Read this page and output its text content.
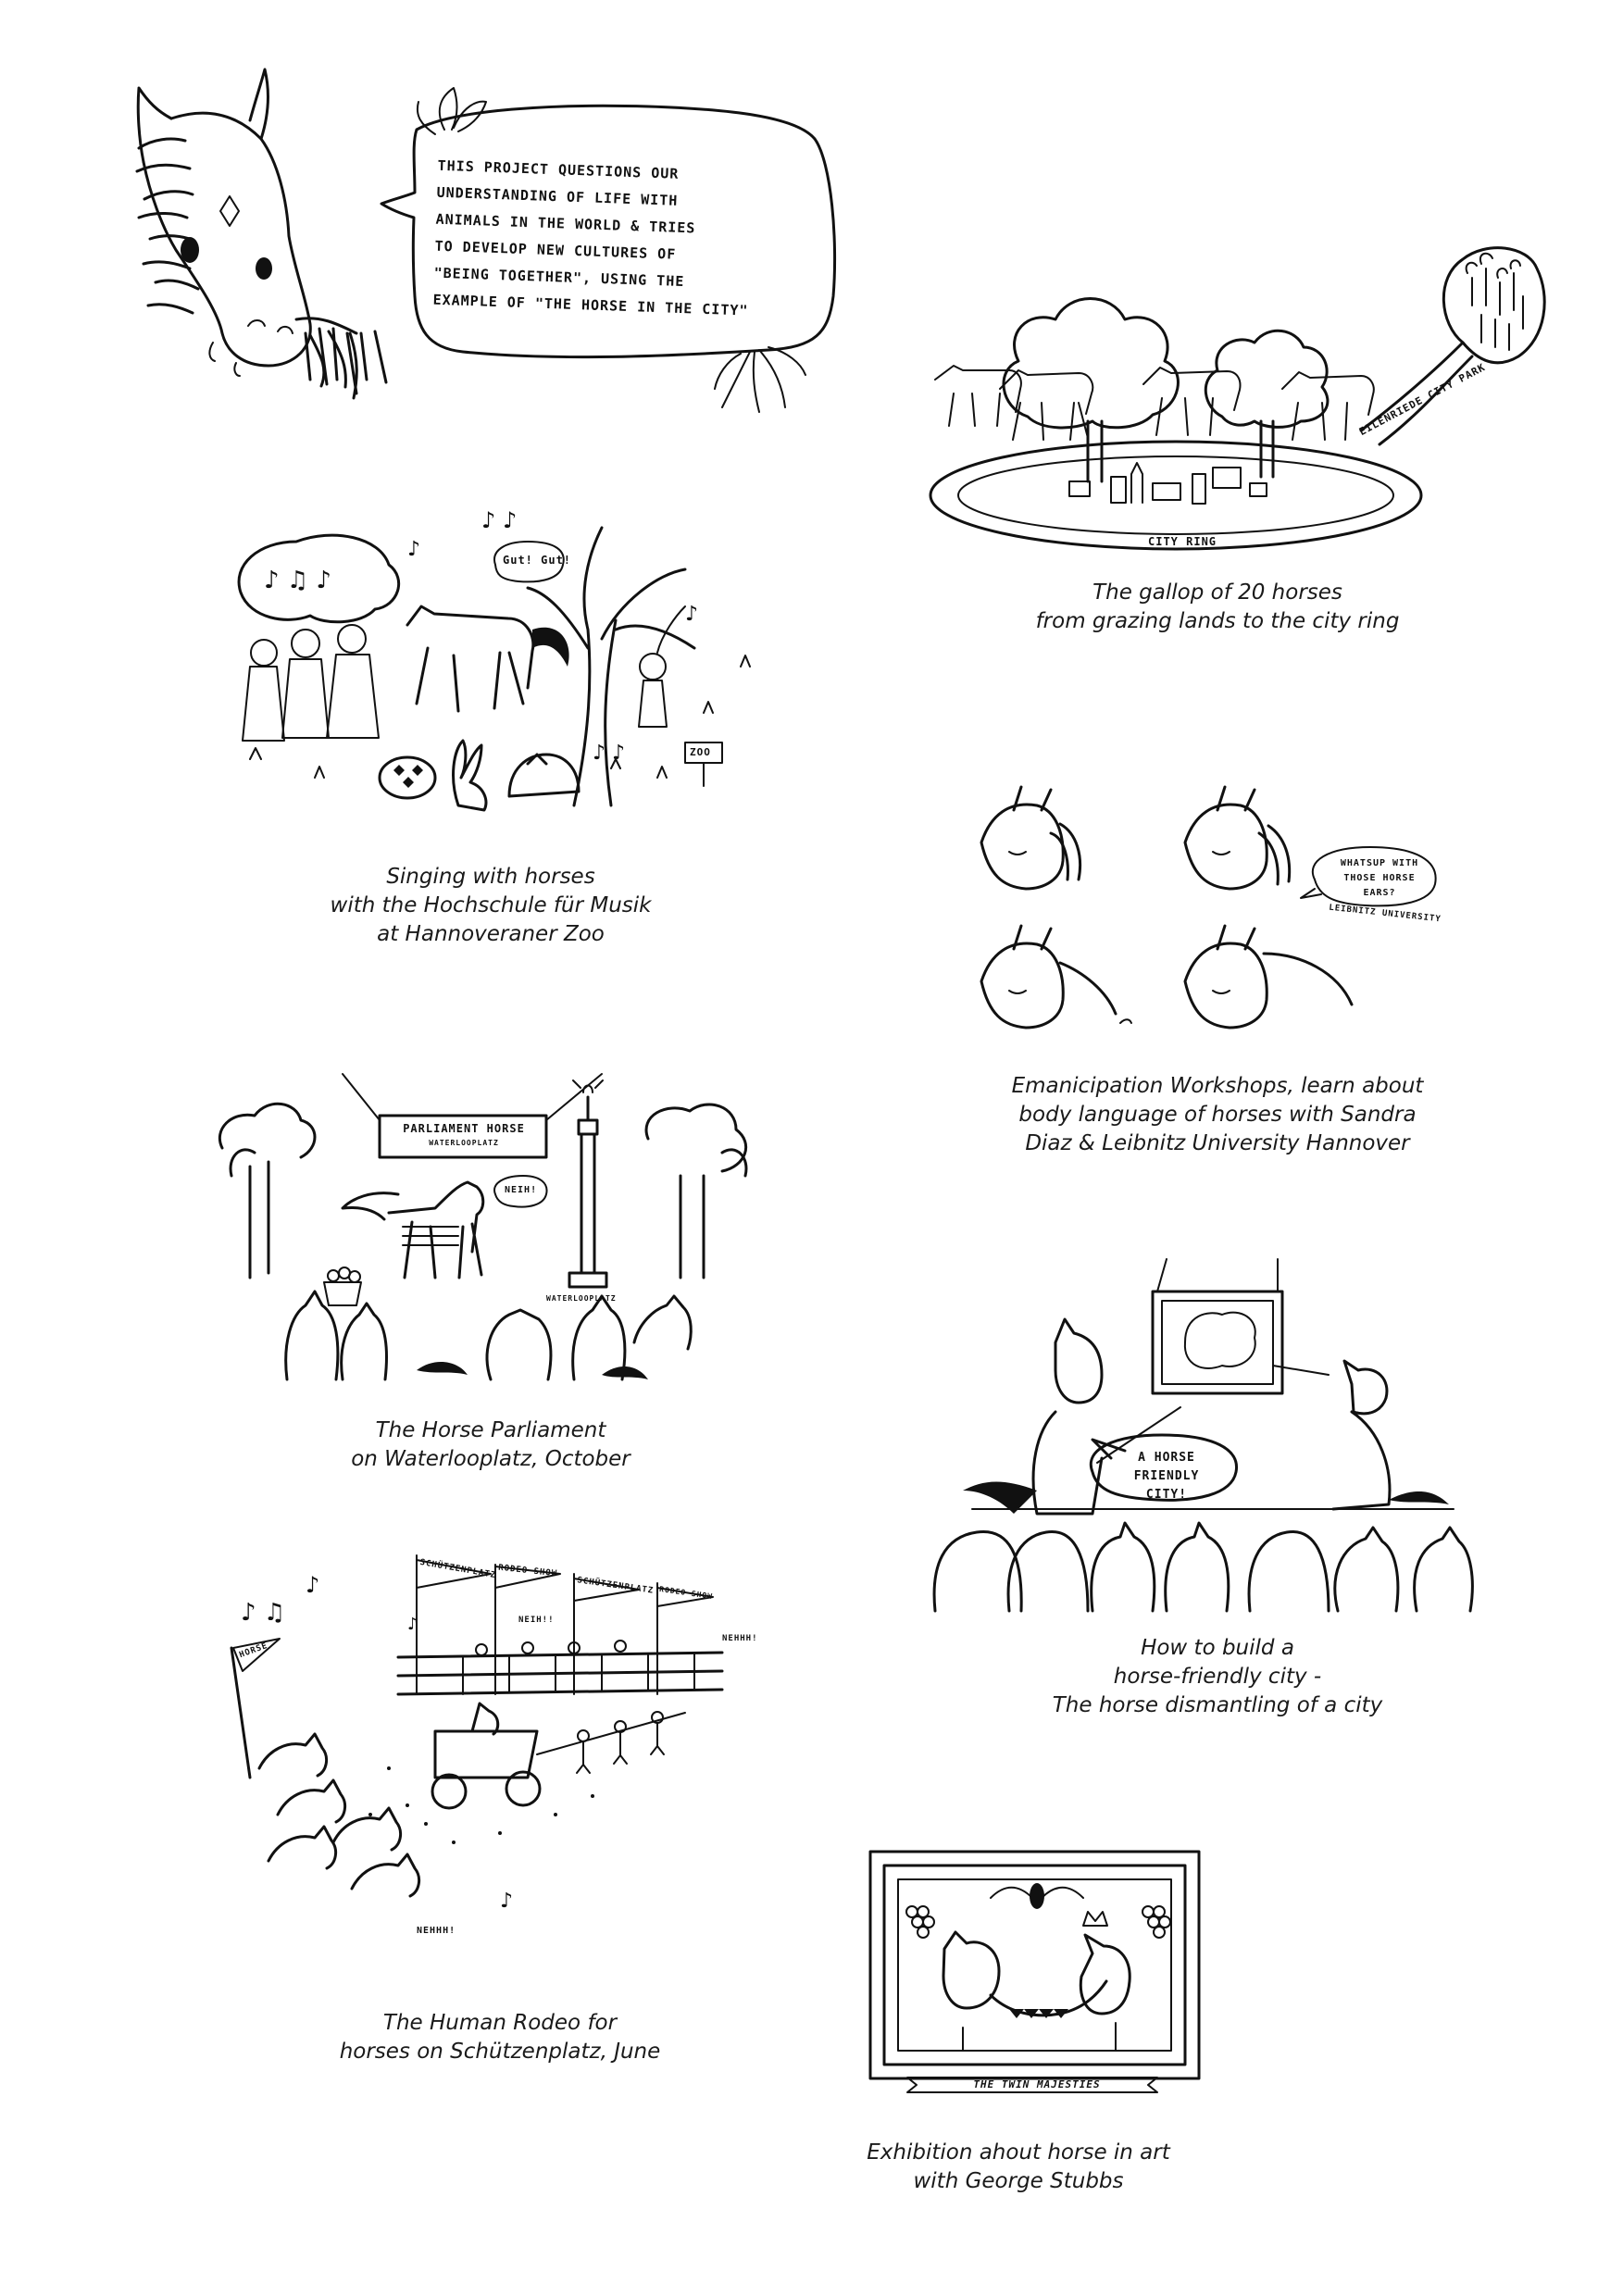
THIS PROJECT QUESTIONS OUR
UNDERSTANDING OF LIFE WITH
ANIMALS IN THE WORLD & TRIES
TO DEVELOP NEW CULTURES OF
"BEING TOGETHER", USING THE
EXAMPLE OF "THE HORSE IN THE CITY"
CITY RING
EILENRIEDE CITY PARK
The gallop of 20 horses
from grazing lands to the city ring
♪ ♫ ♪
♪ ♪
♪
♪
♪ ♪
Gut! Gut!
ZOO
Singing with horses
with the Hochschule für Musik
at Hannoveraner Zoo
WHATSUP WITH THOSE HORSE EARS?
LEIBNITZ UNIVERSITY
Emanicipation Workshops, learn about
body language of horses with Sandra
Diaz & Leibnitz University Hannover
PARLIAMENT HORSE
WATERLOOPLATZ
NEIH!
WATERLOOPLATZ
The Horse Parliament
on Waterlooplatz, October	A HORSE FRIENDLY CITY!
How to build a
horse-friendly city -
The horse dismantling of a city
♪ ♫
♪
♪
♪
SCHÜTZENPLATZ RODEO SHOW
NEIH!!
SCHÜTZENPLATZ RODEO SHOW
NEHHH!
HORSE
NEHHH!
The Human Rodeo for
horses on Schützenplatz, June
THE TWIN MAJESTIES
Exhibition ahout horse in art
with George Stubbs
